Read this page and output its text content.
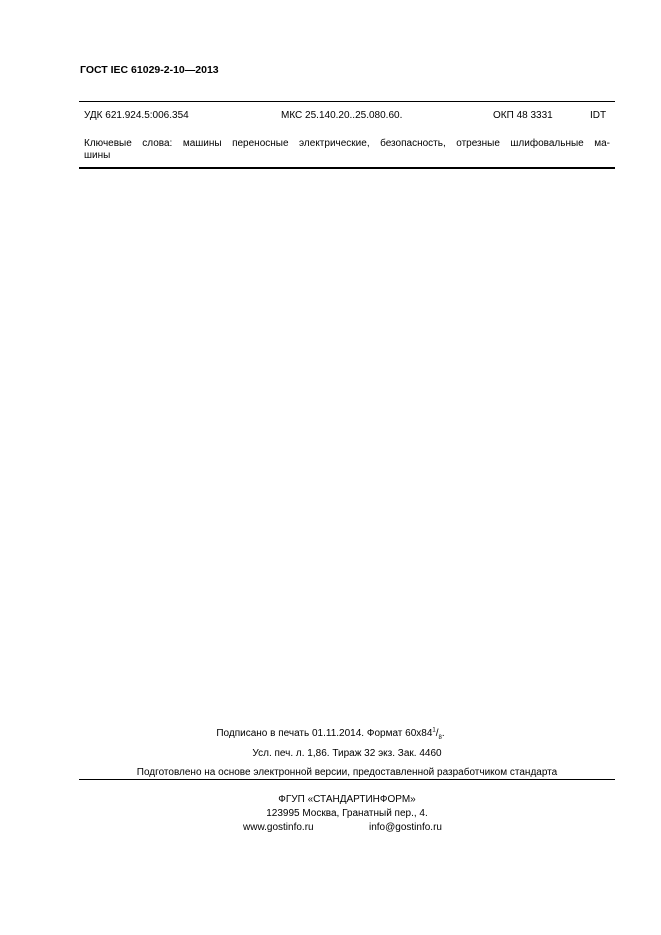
ГОСТ IEC 61029-2-10—2013
УДК 621.924.5:006.354	МКС 25.140.20..25.080.60.	ОКП 48 3331	IDT
Ключевые слова: машины переносные электрические, безопасность, отрезные шлифовальные ма-
шины
Подписано в печать 01.11.2014. Формат $60х84^1/_8$.
Усл. печ. л. 1,86. Тираж 32 экз. Зак. 4460
Подготовлено на основе электронной версии, предоставленной разработчиком стандарта
ФГУП «СТАНДАРТИНФОРМ»
123995 Москва, Гранатный пер., 4.
www.gostinfo.ru	info@gostinfo.ru
